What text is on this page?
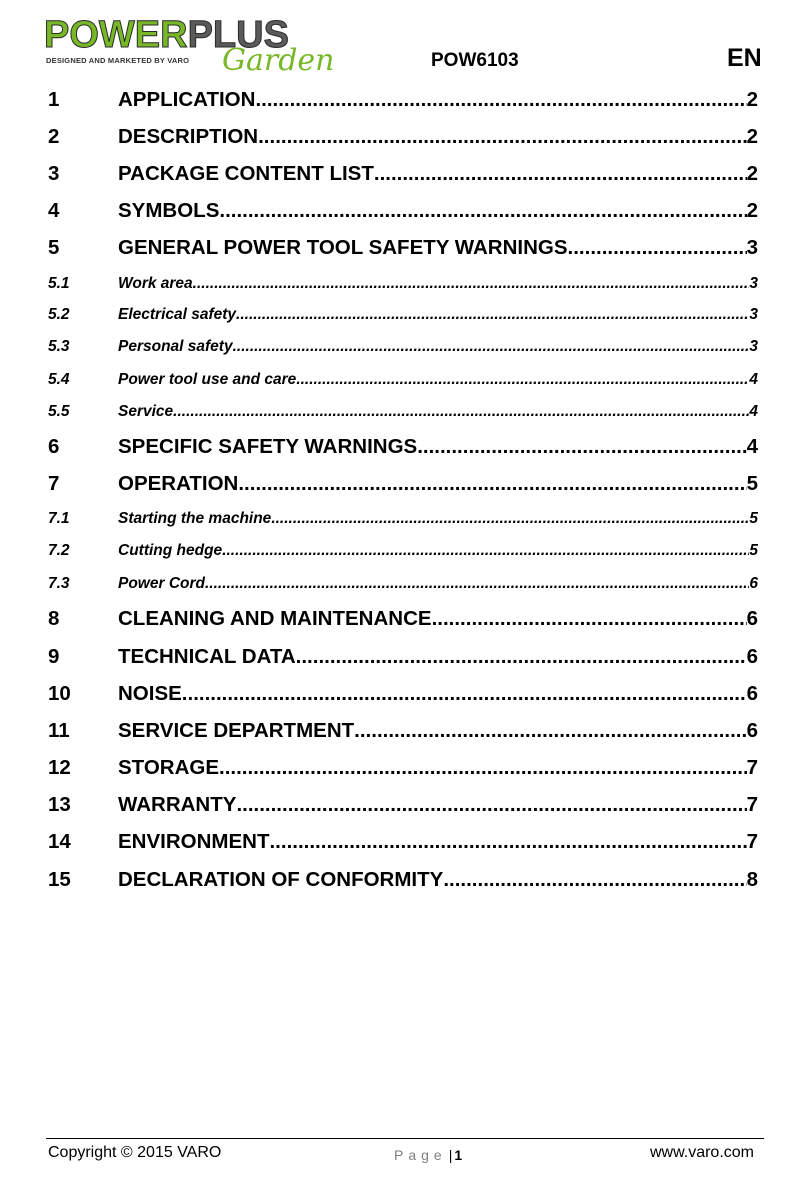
POWERPLUS
DESIGNED AND MARKETED BY VARO Garden	POW6103	EN
1	APPLICATION .....	2
2	DESCRIPTION .....	2
3	PACKAGE CONTENT LIST .....	2
4	SYMBOLS .....	2
5	GENERAL POWER TOOL SAFETY WARNINGS .....	3
5.1	Work area .....	3
5.2	Electrical safety .....	3
5.3	Personal safety .....	3
5.4	Power tool use and care .....	4
5.5	Service .....	4
6	SPECIFIC SAFETY WARNINGS .....	4
7	OPERATION .....	5
7.1	Starting the machine .....	5
7.2	Cutting hedge .....	5
7.3	Power Cord .....	6
8	CLEANING AND MAINTENANCE .....	6
9	TECHNICAL DATA .....	6
10	NOISE .....	6
11	SERVICE DEPARTMENT .....	6
12	STORAGE .....	7
13	WARRANTY .....	7
14	ENVIRONMENT .....	7
15	DECLARATION OF CONFORMITY .....	8
Copyright © 2015 VARO	Page | 1	www.varo.com
